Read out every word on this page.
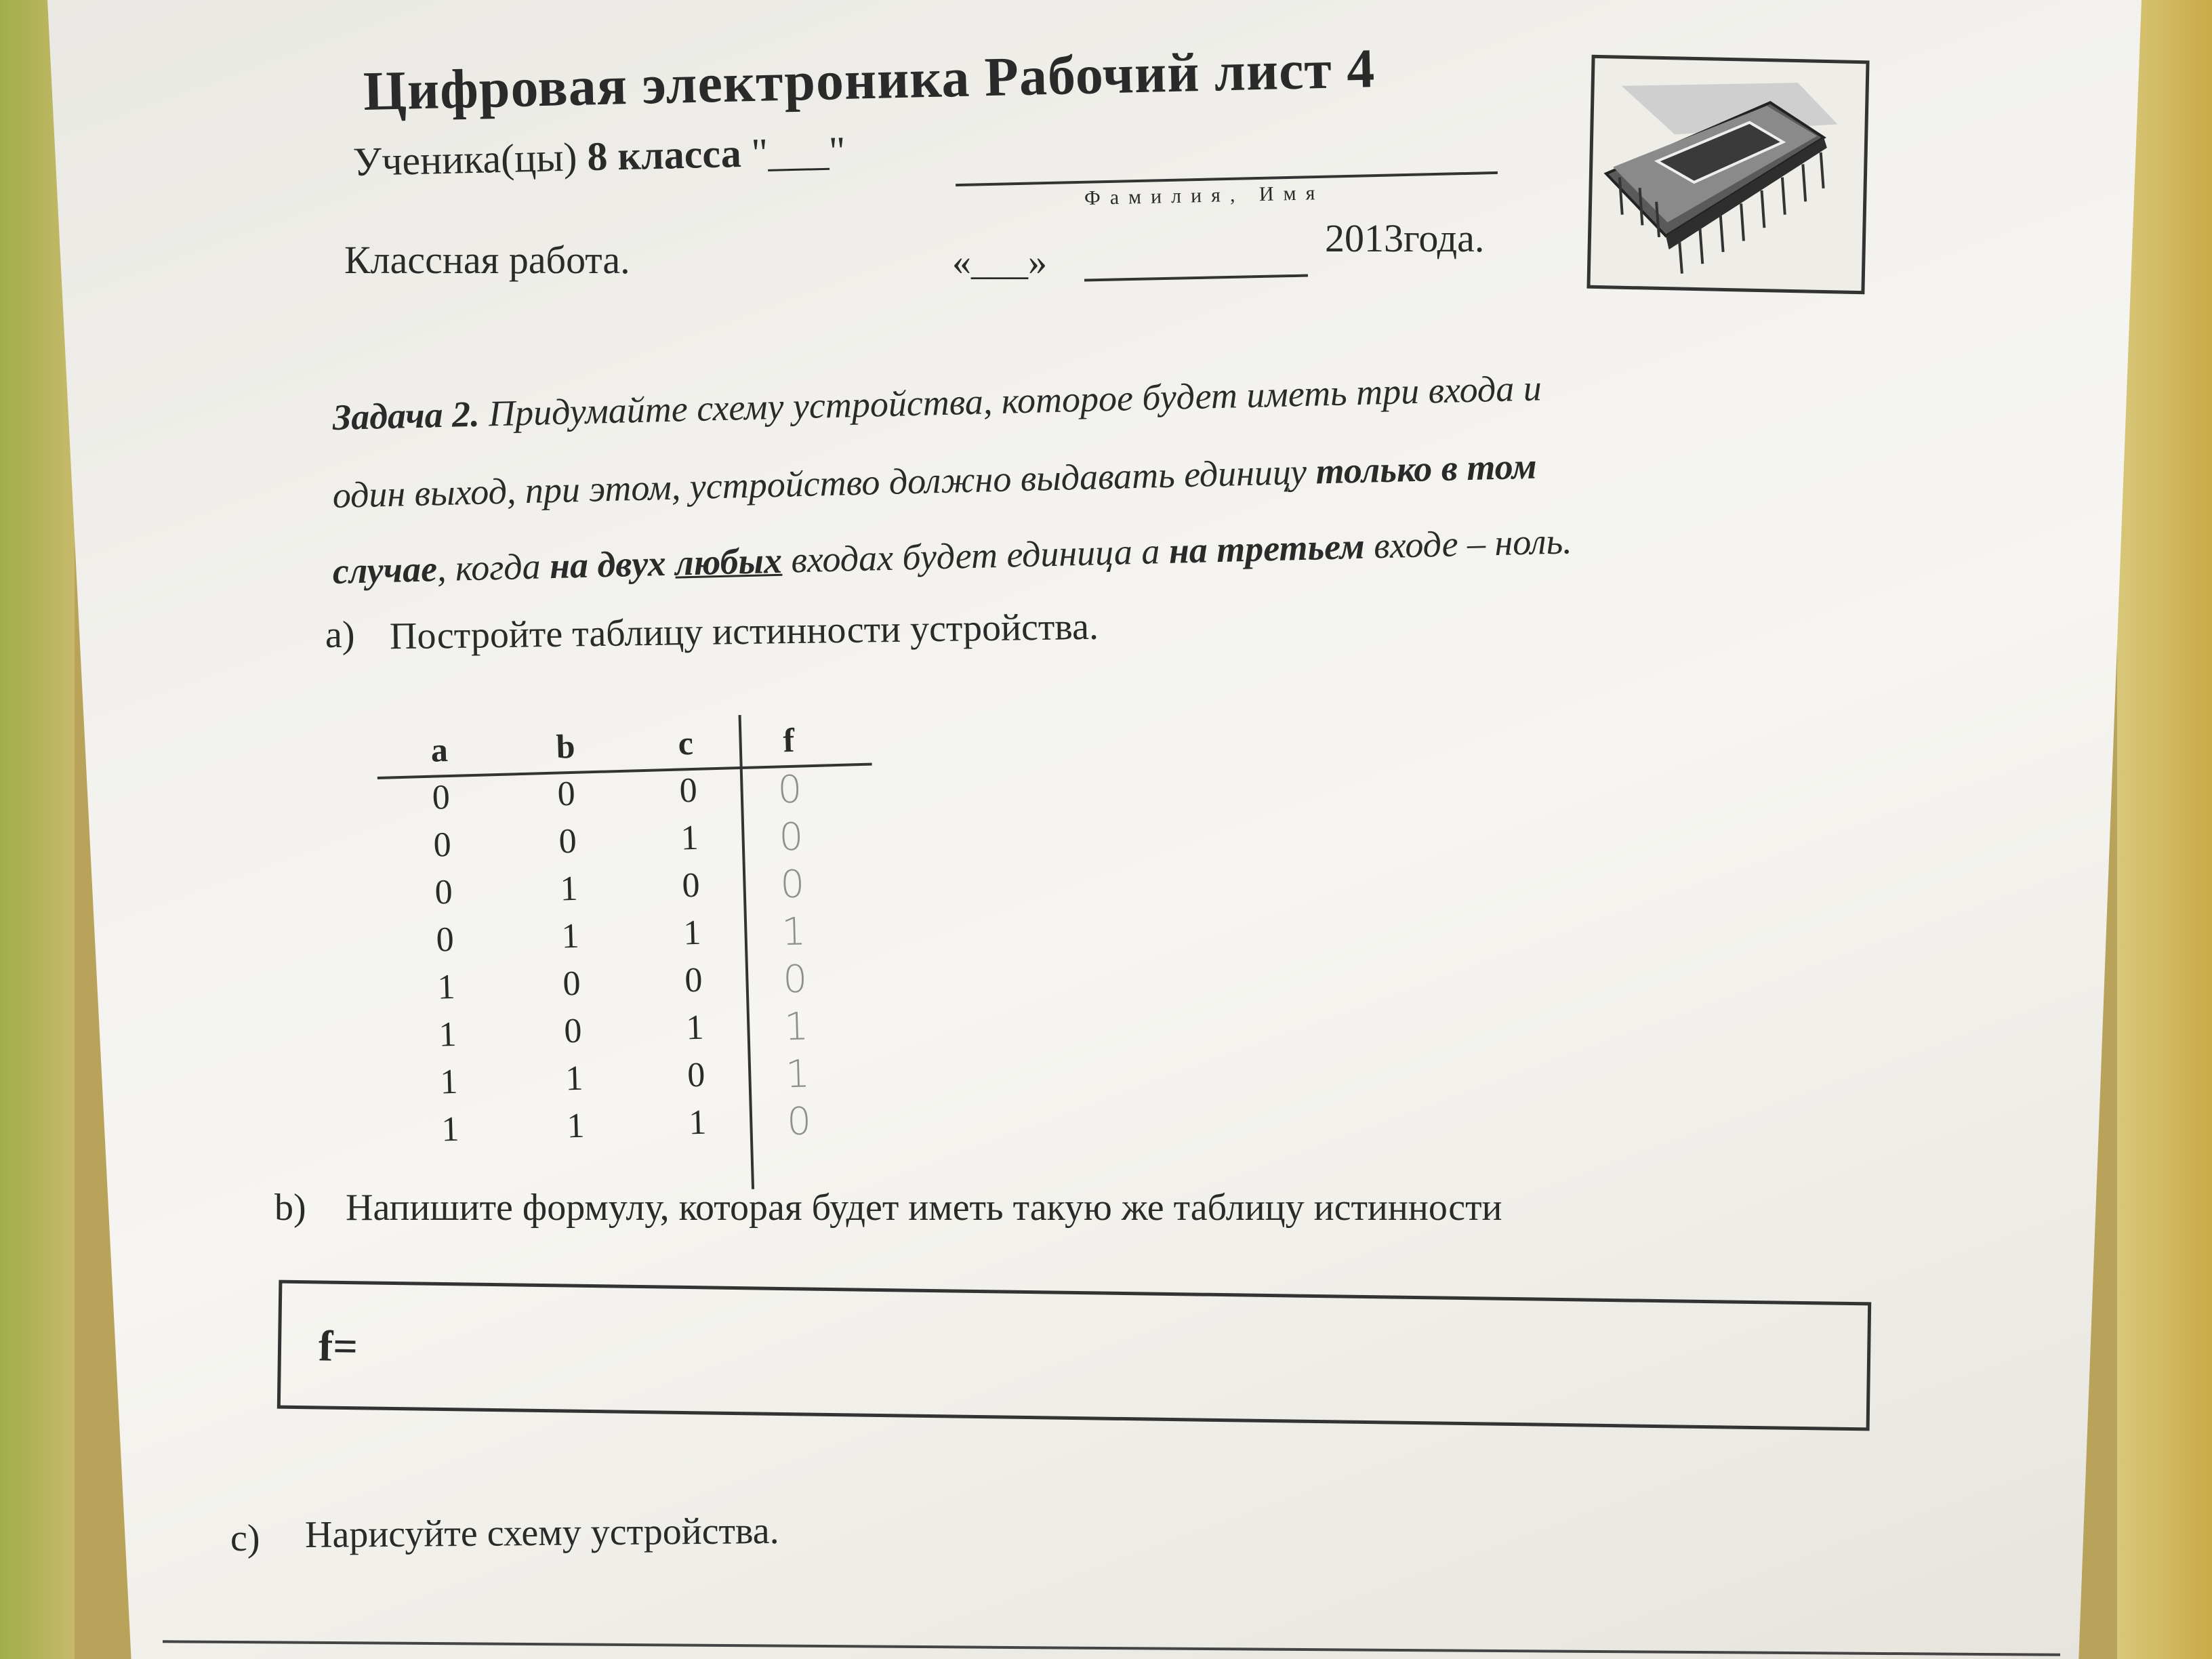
Цифровая электроника Рабочий лист 4
Ученика(цы) 8 класса "___"
Фамилия, Имя
Классная работа.	«___»
2013года.
Задача 2. Придумайте схему устройства, которое будет иметь три входа и
один выход, при этом, устройство должно выдавать единицу только в том
случае, когда на двух любых входах будет единица а на третьем входе – ноль.
a) Постройте таблицу истинности устройства.
a	b	c	f
0	0	0 0
0	0	1 0
0	1	0 0
0	1	1 1
1	0	0 0
1	0	1 1
1	1	0 1
1	1	1 0
b) Напишите формулу, которая будет иметь такую же таблицу истинности
f=
c) Нарисуйте схему устройства.
